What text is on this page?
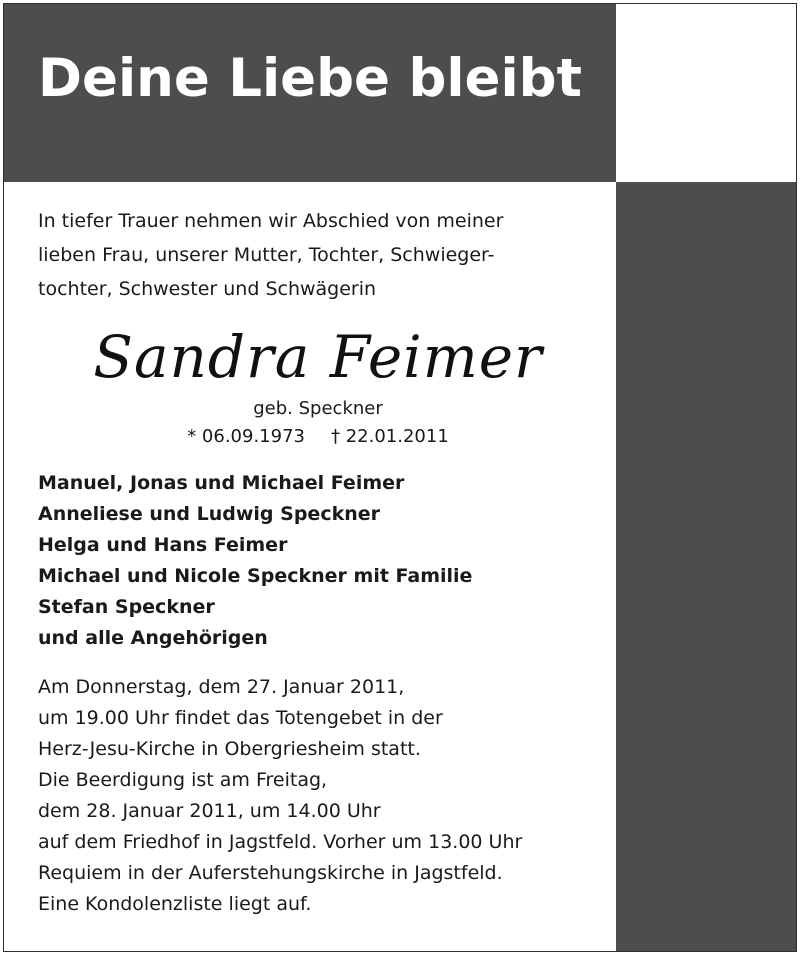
Deine Liebe bleibt

In tiefer Trauer nehmen wir Abschied von meiner
lieben Frau, unserer Mutter, Tochter, Schwieger-
tochter, Schwester und Schwägerin

Sandra Feimer
geb. Speckner
* 06.09.1973 † 22.01.2011
Manuel, Jonas und Michael Feimer
Anneliese und Ludwig Speckner
Helga und Hans Feimer
Michael und Nicole Speckner mit Familie
Stefan Speckner
und alle Angehörigen

Am Donnerstag, dem 27. Januar 2011,
um 19.00 Uhr findet das Totengebet in der
Herz-Jesu-Kirche in Obergriesheim statt.
Die Beerdigung ist am Freitag,
dem 28. Januar 2011, um 14.00 Uhr
auf dem Friedhof in Jagstfeld. Vorher um 13.00 Uhr
Requiem in der Auferstehungskirche in Jagstfeld.
Eine Kondolenzliste liegt auf.
